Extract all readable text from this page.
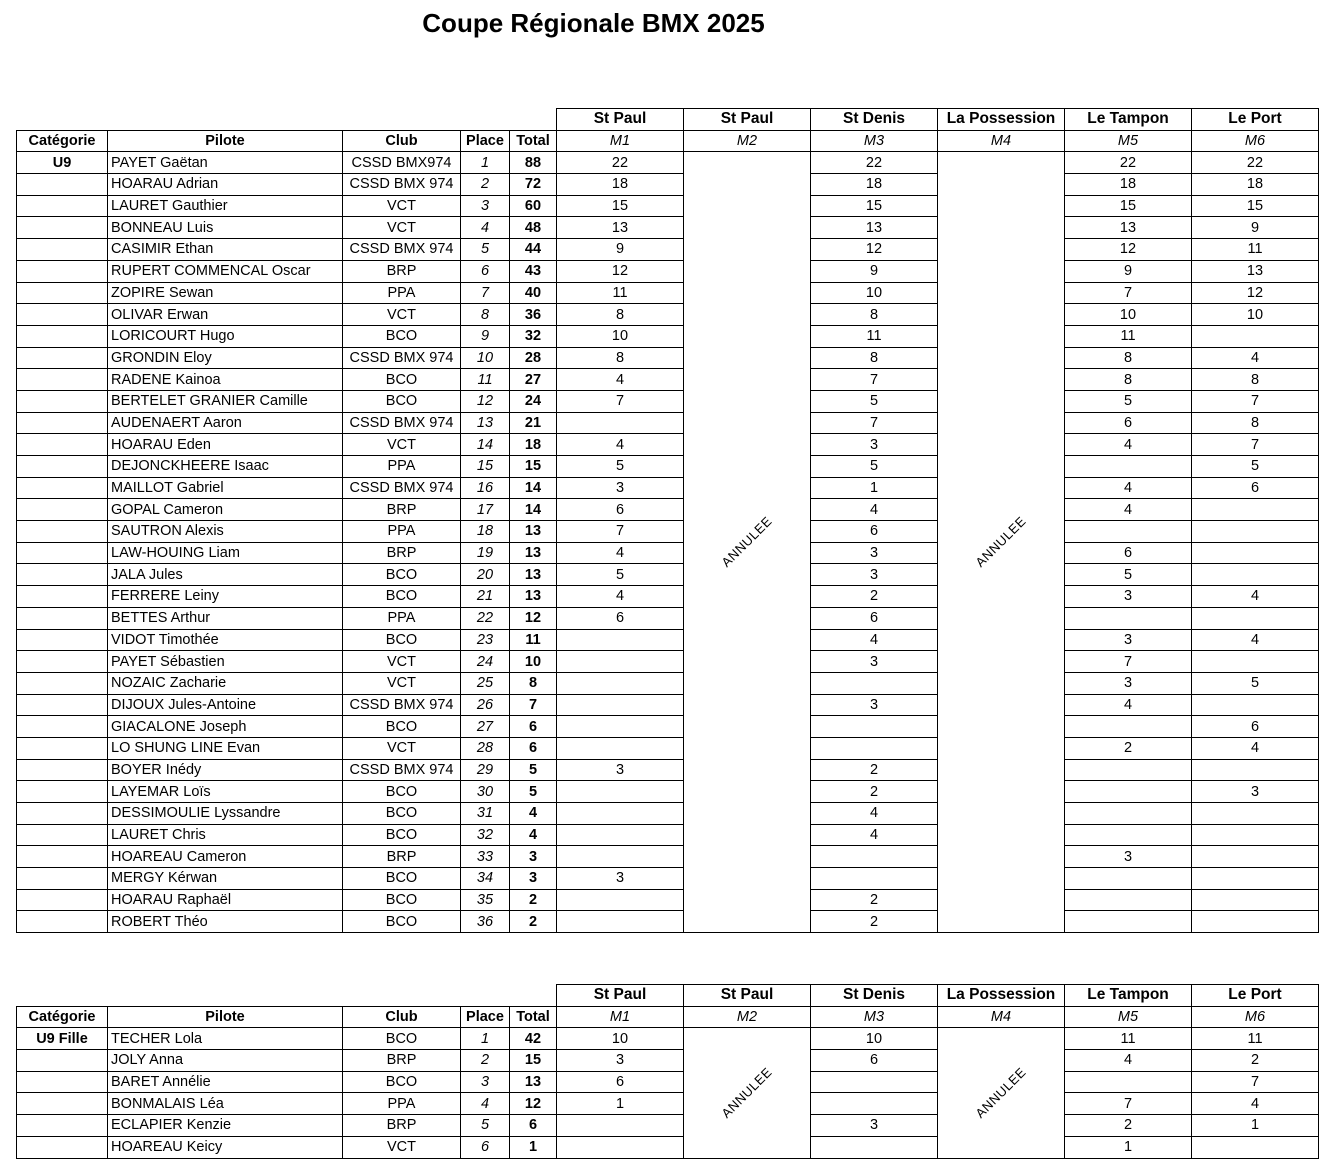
Coupe Régionale BMX 2025
					St Paul	St Paul	St Denis	La Possession	Le Tampon	Le Port
Catégorie	Pilote	Club	Place	Total	M1	M2	M3	M4	M5	M6
U9	PAYET Gaëtan	CSSD BMX974	1	88	22	ANNULEE	22	ANNULEE	22	22
	HOARAU Adrian	CSSD BMX 974	2	72	18		18		18	18
	LAURET Gauthier	VCT	3	60	15		15		15	15
	BONNEAU Luis	VCT	4	48	13		13		13	9
	CASIMIR Ethan	CSSD BMX 974	5	44	9		12		12	11
	RUPERT COMMENCAL Oscar	BRP	6	43	12		9		9	13
	ZOPIRE Sewan	PPA	7	40	11		10		7	12
	OLIVAR Erwan	VCT	8	36	8		8		10	10
	LORICOURT Hugo	BCO	9	32	10		11		11	
	GRONDIN Eloy	CSSD BMX 974	10	28	8		8		8	4
	RADENE Kainoa	BCO	11	27	4		7		8	8
	BERTELET GRANIER Camille	BCO	12	24	7		5		5	7
	AUDENAERT Aaron	CSSD BMX 974	13	21			7		6	8
	HOARAU Eden	VCT	14	18	4		3		4	7
	DEJONCKHEERE Isaac	PPA	15	15	5		5			5
	MAILLOT Gabriel	CSSD BMX 974	16	14	3		1		4	6
	GOPAL Cameron	BRP	17	14	6		4		4	
	SAUTRON Alexis	PPA	18	13	7		6			
	LAW-HOUING Liam	BRP	19	13	4		3		6	
	JALA Jules	BCO	20	13	5		3		5	
	FERRERE Leiny	BCO	21	13	4		2		3	4
	BETTES Arthur	PPA	22	12	6		6			
	VIDOT Timothée	BCO	23	11			4		3	4
	PAYET Sébastien	VCT	24	10			3		7	
	NOZAIC Zacharie	VCT	25	8					3	5
	DIJOUX Jules-Antoine	CSSD BMX 974	26	7			3		4	
	GIACALONE Joseph	BCO	27	6						6
	LO SHUNG LINE Evan	VCT	28	6					2	4
	BOYER Inédy	CSSD BMX 974	29	5	3		2			
	LAYEMAR Loïs	BCO	30	5			2			3
	DESSIMOULIE Lyssandre	BCO	31	4			4			
	LAURET Chris	BCO	32	4			4			
	HOAREAU Cameron	BRP	33	3					3	
	MERGY Kérwan	BCO	34	3	3					
	HOARAU Raphaël	BCO	35	2			2			
	ROBERT Théo	BCO	36	2			2			
					St Paul	St Paul	St Denis	La Possession	Le Tampon	Le Port
Catégorie	Pilote	Club	Place	Total	M1	M2	M3	M4	M5	M6
U9 Fille	TECHER Lola	BCO	1	42	10	ANNULEE	10	ANNULEE	11	11
	JOLY Anna	BRP	2	15	3		6		4	2
	BARET Annélie	BCO	3	13	6					7
	BONMALAIS Léa	PPA	4	12	1				7	4
	ECLAPIER Kenzie	BRP	5	6			3		2	1
	HOAREAU Keicy	VCT	6	1					1	
